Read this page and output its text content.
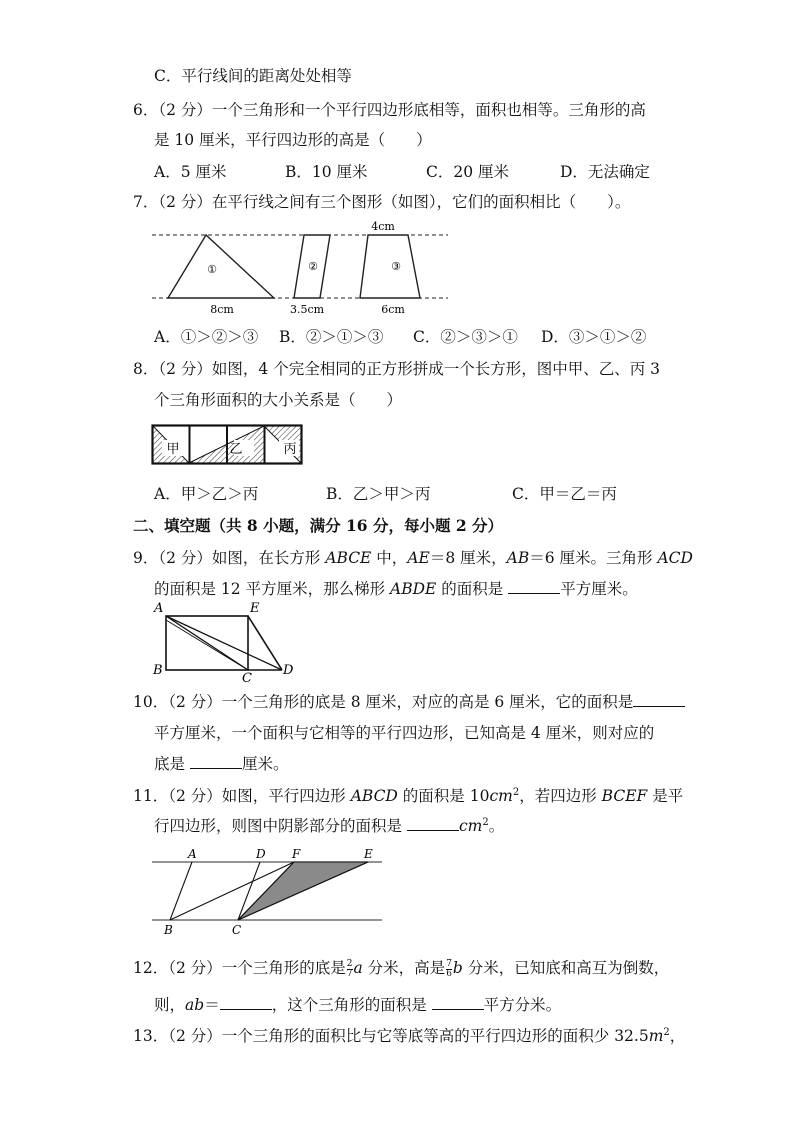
C．平行线间的距离处处相等
6．（2 分）一个三角形和一个平行四边形底相等，面积也相等。三角形的高
是 10 厘米，平行四边形的高是（　　）
A．5 厘米	B．10 厘米	C．20 厘米	D．无法确定
7．（2 分）在平行线之间有三个图形（如图），它们的面积相比（　　）。
4cm
①	②	③
8cm	3.5cm	6cm
A．①＞②＞③ B．②＞①＞③ C．②＞③＞① D．③＞①＞②
8．（2 分）如图，4 个完全相同的正方形拼成一个长方形，图中甲、乙、丙 3
个三角形面积的大小关系是（　　）
甲	乙	丙
A．甲＞乙＞丙	B．乙＞甲＞丙	C．甲＝乙＝丙
二、填空题（共 8 小题，满分 16 分，每小题 2 分）
9．（2 分）如图，在长方形 ABCE 中，AE＝8 厘米，AB＝6 厘米。三角形 ACD
的面积是 12 平方厘米，那么梯形 ABDE 的面积是	平方厘米。
A	E
B
C
D
10．（2 分）一个三角形的底是 8 厘米，对应的高是 6 厘米，它的面积是
平方厘米，一个面积与它相等的平行四边形，已知高是 4 厘米，则对应的
底是	厘米。
11．（2 分）如图，平行四边形 ABCD 的面积是 $10cm^2$，若四边形 BCEF 是平
行四边形，则图中阴影部分的面积是	$cm^2$。
A	D F	E
B	C
12．（2 分）一个三角形的底是 $\frac{2}{7}$ a 分米，高是 $\frac{7}{6}$ b 分米，已知底和高互为倒数，
则，ab＝	，这个三角形的面积是	平方分米。
13．（2 分）一个三角形的面积比与它等底等高的平行四边形的面积少 $32.5m^2$，
